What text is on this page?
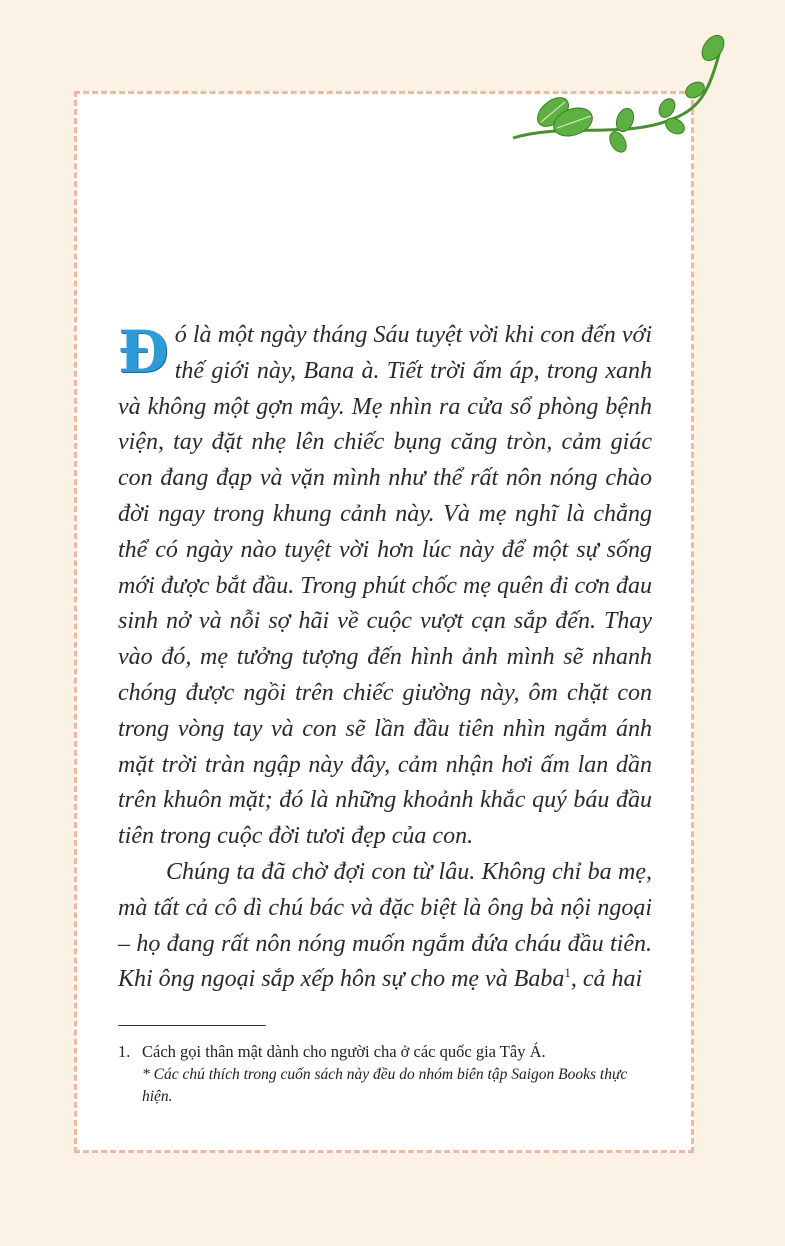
Đó là một ngày tháng Sáu tuyệt vời khi con đến với thế giới này, Bana à. Tiết trời ấm áp, trong xanh và không một gợn mây. Mẹ nhìn ra cửa sổ phòng bệnh viện, tay đặt nhẹ lên chiếc bụng căng tròn, cảm giác con đang đạp và vặn mình như thể rất nôn nóng chào đời ngay trong khung cảnh này. Và mẹ nghĩ là chẳng thể có ngày nào tuyệt vời hơn lúc này để một sự sống mới được bắt đầu. Trong phút chốc mẹ quên đi cơn đau sinh nở và nỗi sợ hãi về cuộc vượt cạn sắp đến. Thay vào đó, mẹ tưởng tượng đến hình ảnh mình sẽ nhanh chóng được ngồi trên chiếc giường này, ôm chặt con trong vòng tay và con sẽ lần đầu tiên nhìn ngắm ánh mặt trời tràn ngập này đây, cảm nhận hơi ấm lan dần trên khuôn mặt; đó là những khoảnh khắc quý báu đầu tiên trong cuộc đời tươi đẹp của con.

Chúng ta đã chờ đợi con từ lâu. Không chỉ ba mẹ, mà tất cả cô dì chú bác và đặc biệt là ông bà nội ngoại – họ đang rất nôn nóng muốn ngắm đứa cháu đầu tiên. Khi ông ngoại sắp xếp hôn sự cho mẹ và Baba$^1$, cả hai

1. Cách gọi thân mật dành cho người cha ở các quốc gia Tây Á.
* Các chú thích trong cuốn sách này đều do nhóm biên tập Saigon Books thực hiện.
